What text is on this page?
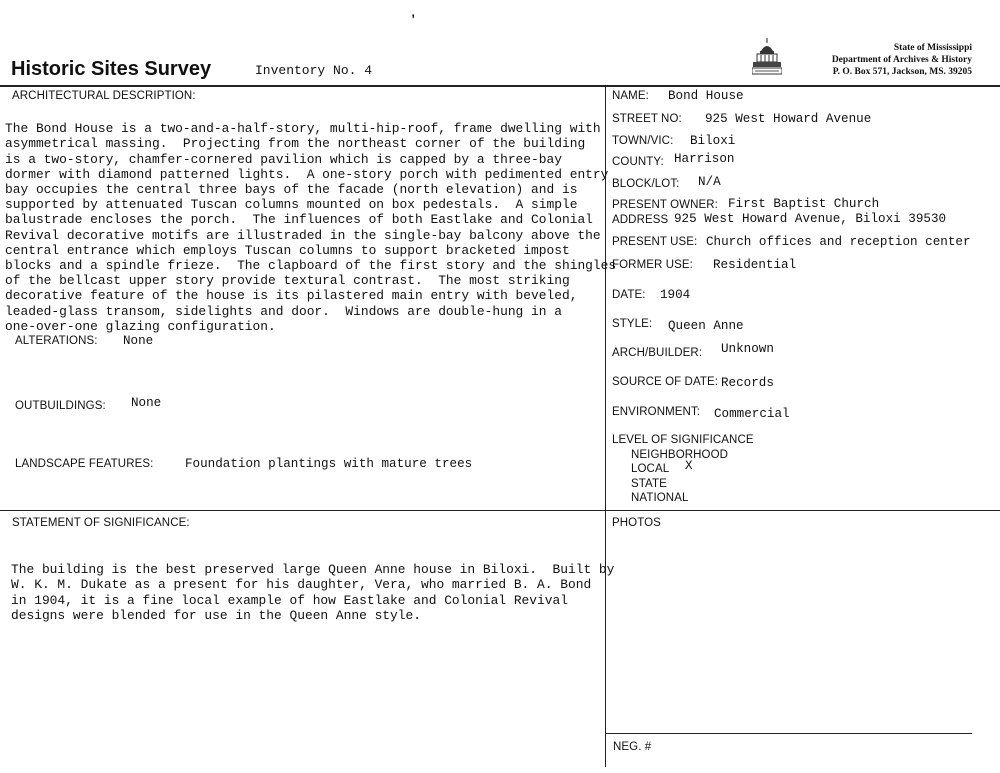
'
Historic Sites Survey	Inventory No. 4
State of Mississippi
Department of Archives & History
P. O. Box 571, Jackson, MS. 39205
ARCHITECTURAL DESCRIPTION:

The Bond House is a two-and-a-half-story, multi-hip-roof, frame dwelling with
asymmetrical massing.  Projecting from the northeast corner of the building
is a two-story, chamfer-cornered pavilion which is capped by a three-bay
dormer with diamond patterned lights.  A one-story porch with pedimented entry
bay occupies the central three bays of the facade (north elevation) and is
supported by attenuated Tuscan columns mounted on box pedestals.  A simple
balustrade encloses the porch.  The influences of both Eastlake and Colonial
Revival decorative motifs are illustraded in the single-bay balcony above the
central entrance which employs Tuscan columns to support bracketed impost
blocks and a spindle frieze.  The clapboard of the first story and the shingles
of the bellcast upper story provide textural contrast.  The most striking
decorative feature of the house is its pilastered main entry with beveled,
leaded-glass transom, sidelights and door.  Windows are double-hung in a
one-over-one glazing configuration.

ALTERATIONS: None
OUTBUILDINGS: None
LANDSCAPE FEATURES:	Foundation plantings with mature trees
STATEMENT OF SIGNIFICANCE:

The building is the best preserved large Queen Anne house in Biloxi.  Built by
W. K. M. Dukate as a present for his daughter, Vera, who married B. A. Bond
in 1904, it is a fine local example of how Eastlake and Colonial Revival
designs were blended for use in the Queen Anne style.

NAME: Bond House
STREET NO: 925 West Howard Avenue
TOWN/VIC: Biloxi
COUNTY: Harrison
BLOCK/LOT: N/A
PRESENT OWNER: First Baptist Church
ADDRESS 925 West Howard Avenue, Biloxi 39530
PRESENT USE: Church offices and reception center
FORMER USE: Residential
DATE: 1904
STYLE: Queen Anne
ARCH/BUILDER: Unknown
SOURCE OF DATE: Records
ENVIRONMENT: Commercial
LEVEL OF SIGNIFICANCE
NEIGHBORHOOD
LOCAL X
STATE
NATIONAL
PHOTOS
NEG. #
